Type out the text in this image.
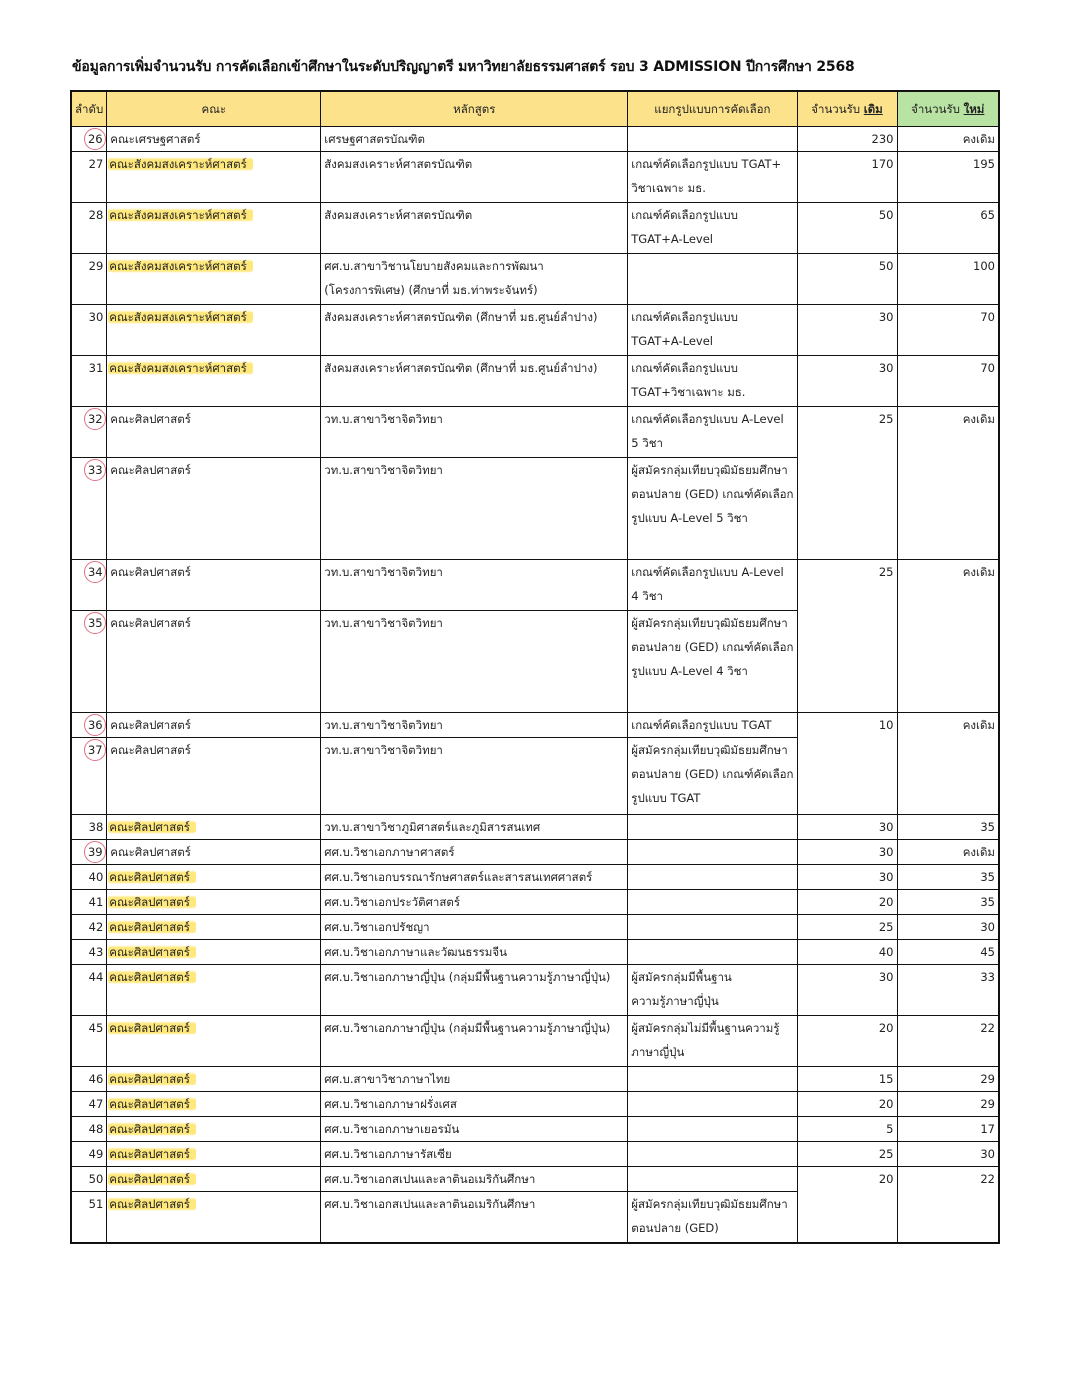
ข้อมูลการเพิ่มจำนวนรับ การคัดเลือกเข้าศึกษาในระดับปริญญาตรี มหาวิทยาลัยธรรมศาสตร์ รอบ 3 ADMISSION ปีการศึกษา 2568
ลำดับ	คณะ	หลักสูตร	แยกรูปแบบการคัดเลือก	จำนวนรับ เดิม	จำนวนรับ ใหม่
26	คณะเศรษฐศาสตร์	เศรษฐศาสตรบัณฑิต		230	คงเดิม
27	คณะสังคมสงเคราะห์ศาสตร์	สังคมสงเคราะห์ศาสตรบัณฑิต	เกณฑ์คัดเลือกรูปแบบ TGAT+
วิชาเฉพาะ มธ.	170	195
28	คณะสังคมสงเคราะห์ศาสตร์	สังคมสงเคราะห์ศาสตรบัณฑิต	เกณฑ์คัดเลือกรูปแบบ
TGAT+A-Level	50	65
29	คณะสังคมสงเคราะห์ศาสตร์	ศศ.บ.สาขาวิชานโยบายสังคมและการพัฒนา
(โครงการพิเศษ) (ศึกษาที่ มธ.ท่าพระจันทร์)		50	100
30	คณะสังคมสงเคราะห์ศาสตร์	สังคมสงเคราะห์ศาสตรบัณฑิต (ศึกษาที่ มธ.ศูนย์ลำปาง)	เกณฑ์คัดเลือกรูปแบบ
TGAT+A-Level	30	70
31	คณะสังคมสงเคราะห์ศาสตร์	สังคมสงเคราะห์ศาสตรบัณฑิต (ศึกษาที่ มธ.ศูนย์ลำปาง)	เกณฑ์คัดเลือกรูปแบบ
TGAT+วิชาเฉพาะ มธ.	30	70
32	คณะศิลปศาสตร์	วท.บ.สาขาวิชาจิตวิทยา	เกณฑ์คัดเลือกรูปแบบ A-Level
5 วิชา	25	คงเดิม
33	คณะศิลปศาสตร์	วท.บ.สาขาวิชาจิตวิทยา	ผู้สมัครกลุ่มเทียบวุฒิมัธยมศึกษา
ตอนปลาย (GED) เกณฑ์คัดเลือก
รูปแบบ A-Level 5 วิชา		

34	คณะศิลปศาสตร์	วท.บ.สาขาวิชาจิตวิทยา	เกณฑ์คัดเลือกรูปแบบ A-Level
4 วิชา	25	คงเดิม
35	คณะศิลปศาสตร์	วท.บ.สาขาวิชาจิตวิทยา	ผู้สมัครกลุ่มเทียบวุฒิมัธยมศึกษา
ตอนปลาย (GED) เกณฑ์คัดเลือก
รูปแบบ A-Level 4 วิชา		

36	คณะศิลปศาสตร์	วท.บ.สาขาวิชาจิตวิทยา	เกณฑ์คัดเลือกรูปแบบ TGAT	10	คงเดิม
37	คณะศิลปศาสตร์	วท.บ.สาขาวิชาจิตวิทยา	ผู้สมัครกลุ่มเทียบวุฒิมัธยมศึกษา
ตอนปลาย (GED) เกณฑ์คัดเลือก
รูปแบบ TGAT		

38	คณะศิลปศาสตร์	วท.บ.สาขาวิชาภูมิศาสตร์และภูมิสารสนเทศ		30	35
39	คณะศิลปศาสตร์	ศศ.บ.วิชาเอกภาษาศาสตร์		30	คงเดิม
40	คณะศิลปศาสตร์	ศศ.บ.วิชาเอกบรรณารักษศาสตร์และสารสนเทศศาสตร์		30	35
41	คณะศิลปศาสตร์	ศศ.บ.วิชาเอกประวัติศาสตร์		20	35
42	คณะศิลปศาสตร์	ศศ.บ.วิชาเอกปรัชญา		25	30
43	คณะศิลปศาสตร์	ศศ.บ.วิชาเอกภาษาและวัฒนธรรมจีน		40	45
44	คณะศิลปศาสตร์	ศศ.บ.วิชาเอกภาษาญี่ปุ่น (กลุ่มมีพื้นฐานความรู้ภาษาญี่ปุ่น)	ผู้สมัครกลุ่มมีพื้นฐาน
ความรู้ภาษาญี่ปุ่น	30	33
45	คณะศิลปศาสตร์	ศศ.บ.วิชาเอกภาษาญี่ปุ่น (กลุ่มมีพื้นฐานความรู้ภาษาญี่ปุ่น)	ผู้สมัครกลุ่มไม่มีพื้นฐานความรู้
ภาษาญี่ปุ่น	20	22
46	คณะศิลปศาสตร์	ศศ.บ.สาขาวิชาภาษาไทย		15	29
47	คณะศิลปศาสตร์	ศศ.บ.วิชาเอกภาษาฝรั่งเศส		20	29
48	คณะศิลปศาสตร์	ศศ.บ.วิชาเอกภาษาเยอรมัน		5	17
49	คณะศิลปศาสตร์	ศศ.บ.วิชาเอกภาษารัสเซีย		25	30
50	คณะศิลปศาสตร์	ศศ.บ.วิชาเอกสเปนและลาตินอเมริกันศึกษา		20	22
51	คณะศิลปศาสตร์	ศศ.บ.วิชาเอกสเปนและลาตินอเมริกันศึกษา	ผู้สมัครกลุ่มเทียบวุฒิมัธยมศึกษา
ตอนปลาย (GED)		
